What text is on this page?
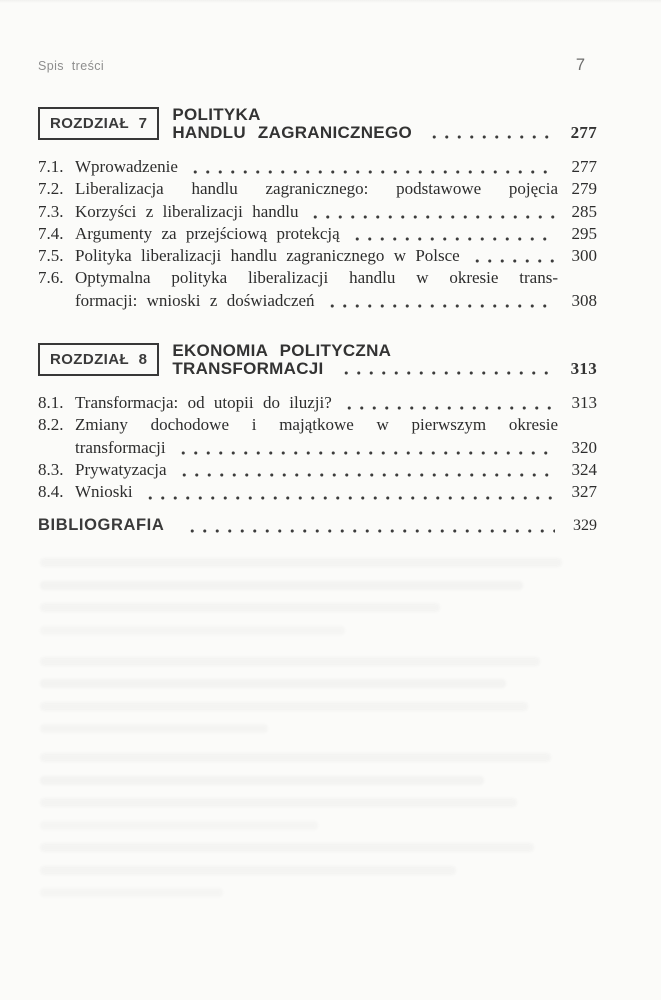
Spis treści	7
ROZDZIAŁ 7 POLITYKA
HANDLU ZAGRANICZNEGO	277
7.1. Wprowadzenie	277
7.2. Liberalizacja handlu zagranicznego: podstawowe pojęcia 279
7.3. Korzyści z liberalizacji handlu	285
7.4. Argumenty za przejściową protekcją	295
7.5. Polityka liberalizacji handlu zagranicznego w Polsce	300
7.6. Optymalna polityka liberalizacji handlu w okresie trans-
formacji: wnioski z doświadczeń	308
ROZDZIAŁ 8 EKONOMIA POLITYCZNA
TRANSFORMACJI	313
8.1. Transformacja: od utopii do iluzji?	313
8.2. Zmiany dochodowe i majątkowe w pierwszym okresie
transformacji	320
8.3. Prywatyzacja	324
8.4. Wnioski	327
BIBLIOGRAFIA	329
